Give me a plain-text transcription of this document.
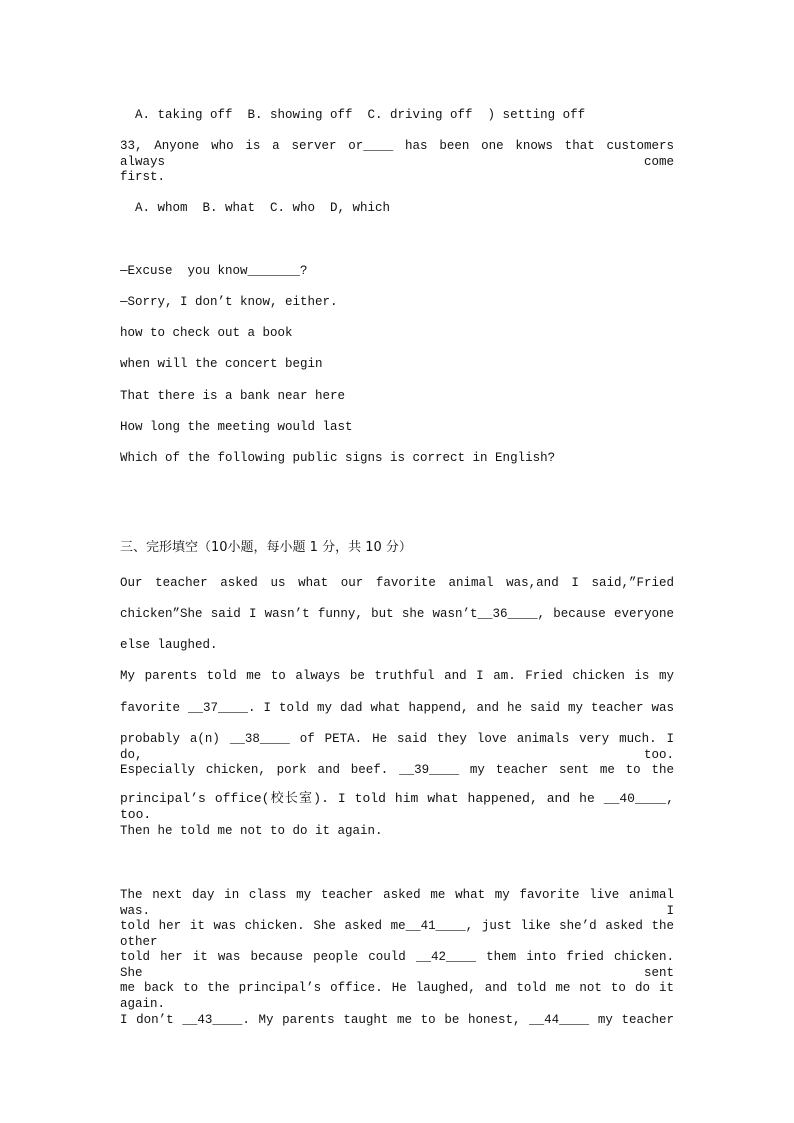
A. taking off  B. showing off  C. driving off  ) setting off
33, Anyone who is a server or____ has been one knows that customers always come
first.
A. whom  B. what  C. who  D, which
—Excuse  you know_______?
—Sorry, I don’t know, either.
how to check out a book
when will the concert begin
That there is a bank near here
How long the meeting would last
Which of the following public signs is correct in English?
三、完形填空（10小题，每小题 1 分，共 10 分）
Our teacher asked us what our favorite animal was,and I said,”Fried
chicken”She said I wasn’t funny, but she wasn’t__36____, because everyone
else laughed.
My parents told me to always be truthful and I am. Fried chicken is my
favorite __37____. I told my dad what happend, and he said my teacher was
probably a(n) __38____ of PETA. He said they love animals very much. I do, too.
Especially chicken, pork and beef. __39____ my teacher sent me to the
principal’s office(校长室). I told him what happened, and he __40____, too.
Then he told me not to do it again.
The next day in class my teacher asked me what my favorite live animal was. I
told her it was chicken. She asked me__41____, just like she’d asked the other
told her it was because people could __42____ them into fried chicken. She sent
me back to the principal’s office. He laughed, and told me not to do it again.
I don’t __43____. My parents taught me to be honest, __44____ my teacher
